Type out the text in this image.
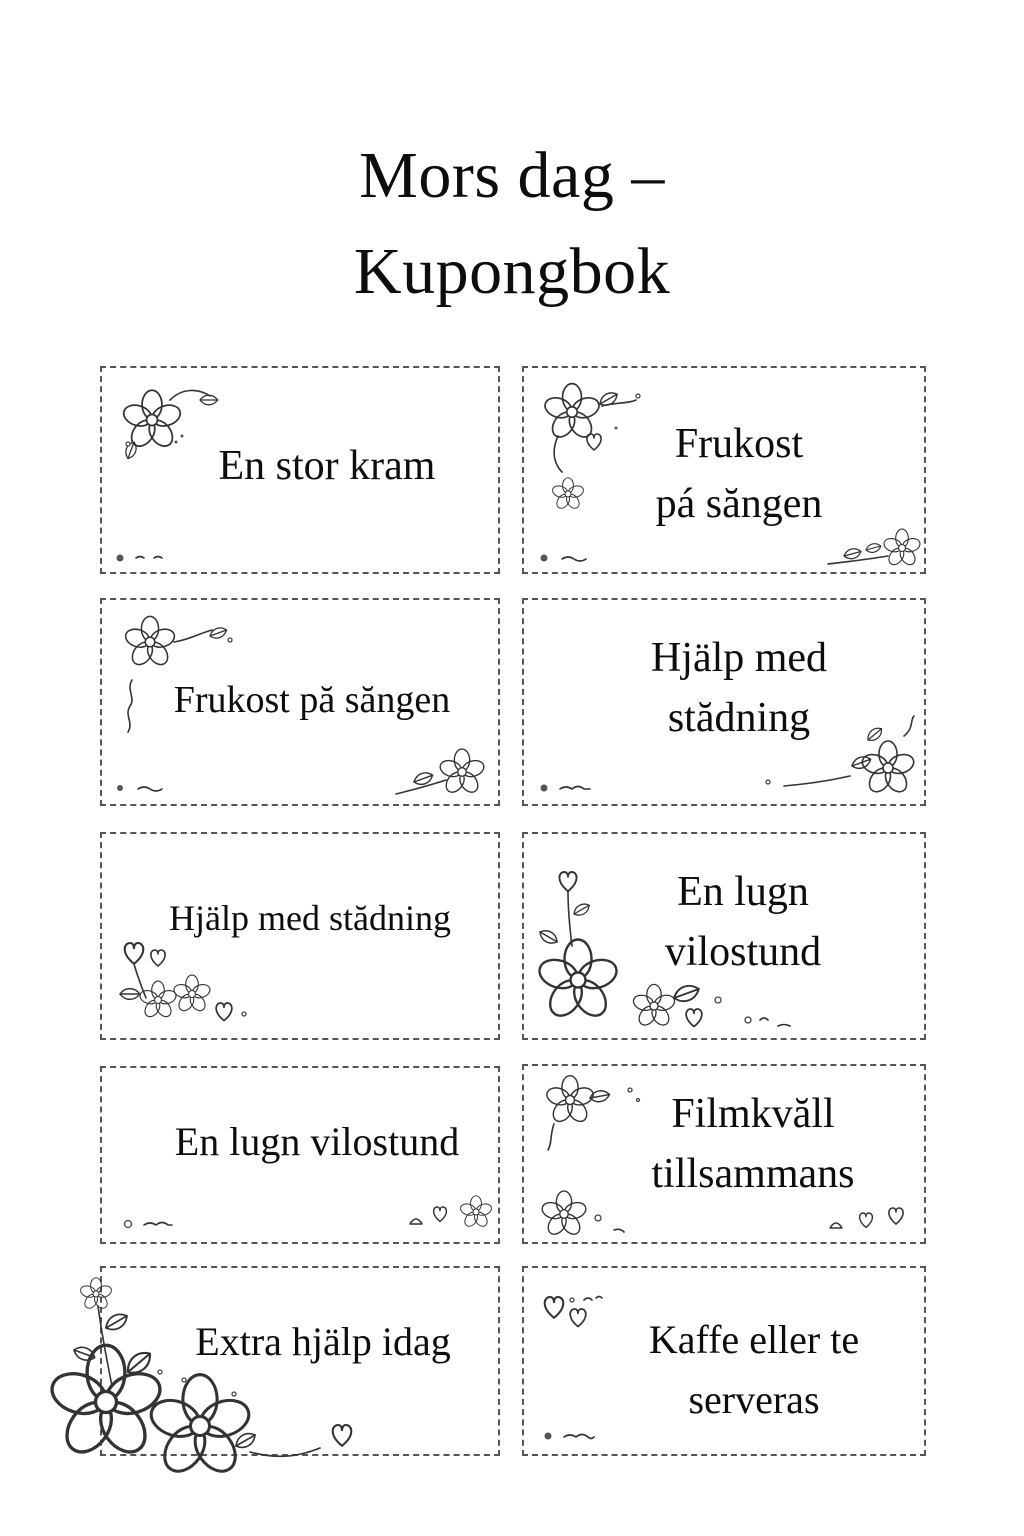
Mors dag –
Kupongbok
En stor kram	Frukost
pá săngen
Frukost pă săngen
Hjälp med
stădning
Hjälp med stădning
En lugn
vilostund
En lugn vilostund
Filmkvăll
tillsammans
Extra hjälp idag	Kaffe eller te
serveras
